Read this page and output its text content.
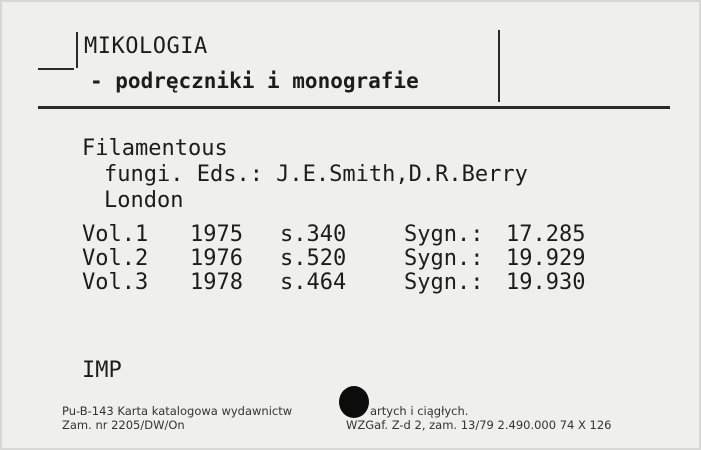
MIKOLOGIA
- podręczniki i monografie
Filamentous
fungi. Eds.: J.E.Smith,D.R.Berry
London
Vol.1 1975 s.340	Sygn.: 17.285
Vol.2 1976 s.520	Sygn.: 19.929
Vol.3 1978 s.464	Sygn.: 19.930
IMP
Pu-B-143 Karta katalogowa wydawnictw	artych i ciągłych.
Zam. nr 2205/DW/On	WZGaf. Z-d 2, zam. 13/79 2.490.000 74 X 126
